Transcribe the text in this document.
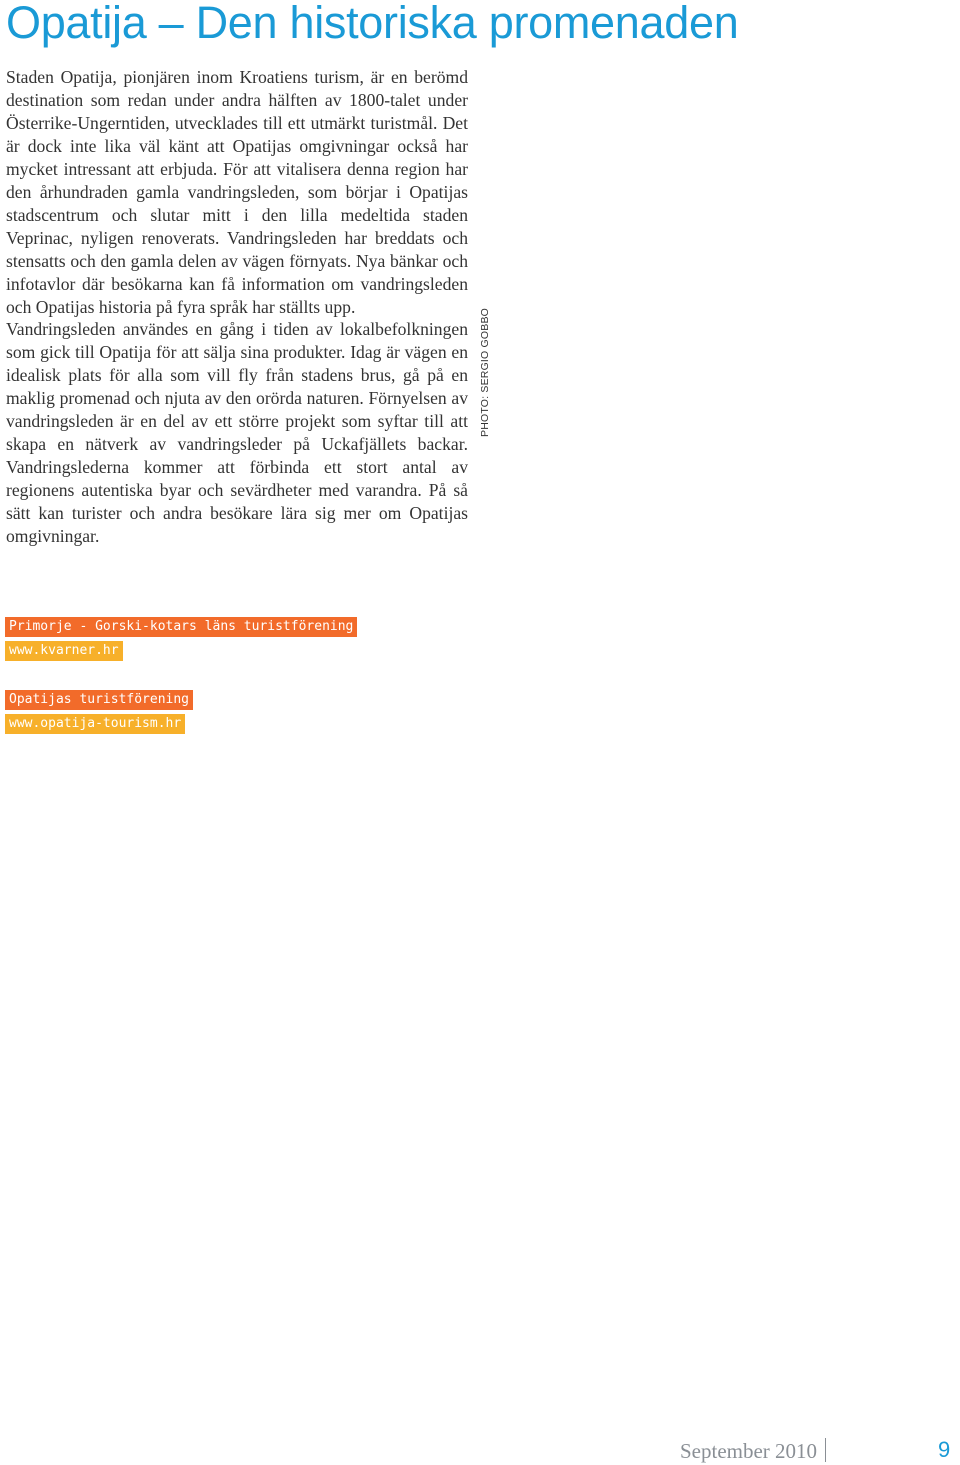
Opatija – Den historiska promenaden

Staden Opatija, pionjären inom Kroatiens turism, är en berömd destination som redan under andra hälften av 1800-talet under Österrike-Ungerntiden, utvecklades till ett utmärkt turistmål. Det är dock inte lika väl känt att Opatijas omgivningar också har mycket intressant att erbjuda. För att vitalisera denna region har den århundraden gamla vandringsleden, som börjar i Opatijas stadscentrum och slutar mitt i den lilla medeltida staden Veprinac, nyligen renoverats. Vandringsleden har breddats och stensatts och den gamla delen av vägen förnyats. Nya bänkar och infotavlor där besökarna kan få information om vandringsleden och Opatijas historia på fyra språk har ställts upp.

Vandringsleden användes en gång i tiden av lokalbefolkningen som gick till Opatija för att sälja sina produkter. Idag är vägen en idealisk plats för alla som vill fly från stadens brus, gå på en maklig promenad och njuta av den orörda naturen. Förnyelsen av vandringsleden är en del av ett större projekt som syftar till att skapa en nätverk av vandringsleder på Uckafjällets backar. Vandringslederna kommer att förbinda ett stort antal av regionens autentiska byar och sevärdheter med varandra. På så sätt kan turister och andra besökare lära sig mer om Opatijas omgivningar.

PHOTO: SERGIO GOBBO
Primorje - Gorski-kotars läns turistförening
www.kvarner.hr
Opatijas turistförening
www.opatija-tourism.hr
September 2010	9
